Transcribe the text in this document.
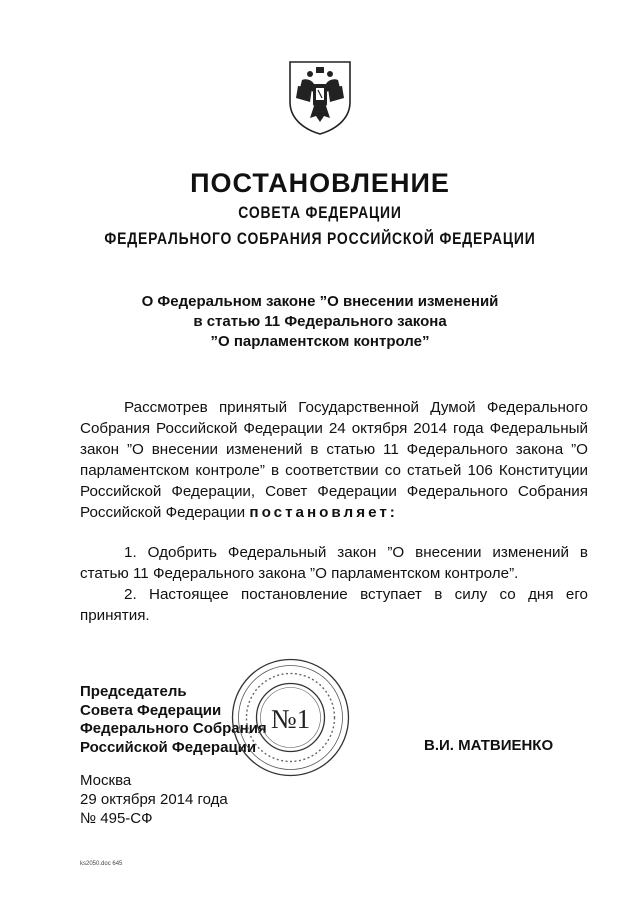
ПОСТАНОВЛЕНИЕ
СОВЕТА ФЕДЕРАЦИИ
ФЕДЕРАЛЬНОГО СОБРАНИЯ РОССИЙСКОЙ ФЕДЕРАЦИИ
О Федеральном законе ”О внесении изменений
в статью 11 Федерального закона
”О парламентском контроле”

Рассмотрев принятый Государственной Думой Федерального Собрания Российской Федерации 24 октября 2014 года Федеральный закон ”О внесении изменений в статью 11 Федерального закона ”О парламентском контроле” в соответствии со статьей 106 Конституции Российской Федерации, Совет Федерации Федерального Собрания Российской Федерации постановляет:

1. Одобрить Федеральный закон ”О внесении изменений в статью 11 Федерального закона ”О парламентском контроле”.

2. Настоящее постановление вступает в силу со дня его принятия.

Председатель
Совета Федерации
Федерального Собрания
Российской Федерации
№1
В.И. МАТВИЕНКО
Москва
29 октября 2014 года
№ 495-СФ
ks2050.doc 645
